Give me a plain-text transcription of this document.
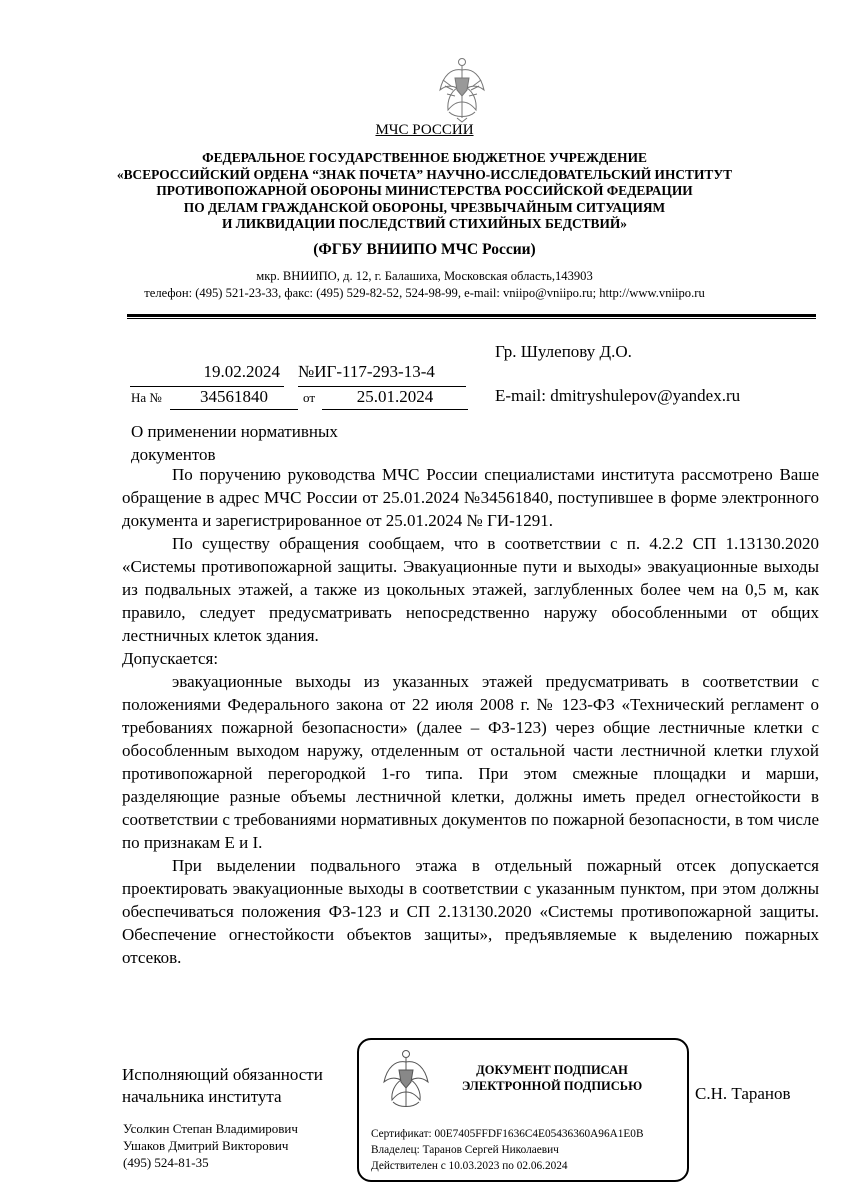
МЧС РОССИИ
ФЕДЕРАЛЬНОЕ ГОСУДАРСТВЕННОЕ БЮДЖЕТНОЕ УЧРЕЖДЕНИЕ
«ВСЕРОССИЙСКИЙ ОРДЕНА “ЗНАК ПОЧЕТА” НАУЧНО-ИССЛЕДОВАТЕЛЬСКИЙ ИНСТИТУТ
ПРОТИВОПОЖАРНОЙ ОБОРОНЫ МИНИСТЕРСТВА РОССИЙСКОЙ ФЕДЕРАЦИИ
ПО ДЕЛАМ ГРАЖДАНСКОЙ ОБОРОНЫ, ЧРЕЗВЫЧАЙНЫМ СИТУАЦИЯМ
И ЛИКВИДАЦИИ ПОСЛЕДСТВИЙ СТИХИЙНЫХ БЕДСТВИЙ»
(ФГБУ ВНИИПО МЧС России)
мкр. ВНИИПО, д. 12, г. Балашиха, Московская область,143903
телефон: (495) 521-23-33, факс: (495) 529-82-52, 524-98-99, e-mail: vniipo@vniipo.ru; http://www.vniipo.ru
19.02.2024 №ИГ-117-293-13-4
На №	34561840	от	25.01.2024
Гр. Шулепову Д.О.
E-mail: dmitryshulepov@yandex.ru
О применении нормативных
документов

По поручению руководства МЧС России специалистами института рассмотрено Ваше обращение в адрес МЧС России от 25.01.2024 №34561840, поступившее в форме электронного документа и зарегистрированное от 25.01.2024 № ГИ-1291.

По существу обращения сообщаем, что в соответствии с п. 4.2.2 СП 1.13130.2020 «Системы противопожарной защиты. Эвакуационные пути и выходы» эвакуационные выходы из подвальных этажей, а также из цокольных этажей, заглубленных более чем на 0,5 м, как правило, следует предусматривать непосредственно наружу обособленными от общих лестничных клеток здания.

Допускается:

эвакуационные выходы из указанных этажей предусматривать в соответствии с положениями Федерального закона от 22 июля 2008 г. № 123-ФЗ «Технический регламент о требованиях пожарной безопасности» (далее – ФЗ-123) через общие лестничные клетки с обособленным выходом наружу, отделенным от остальной части лестничной клетки глухой противопожарной перегородкой 1-го типа. При этом смежные площадки и марши, разделяющие разные объемы лестничной клетки, должны иметь предел огнестойкости в соответствии с требованиями нормативных документов по пожарной безопасности, в том числе по признакам Е и I.

При выделении подвального этажа в отдельный пожарный отсек допускается проектировать эвакуационные выходы в соответствии с указанным пунктом, при этом должны обеспечиваться положения ФЗ-123 и СП 2.13130.2020 «Системы противопожарной защиты. Обеспечение огнестойкости объектов защиты», предъявляемые к выделению пожарных отсеков.

Исполняющий обязанности
начальника института
ДОКУМЕНТ ПОДПИСАН
ЭЛЕКТРОННОЙ ПОДПИСЬЮ
Сертификат: 00E7405FFDF1636C4E05436360A96A1E0B
Владелец: Таранов Сергей Николаевич
Действителен с 10.03.2023 по 02.06.2024
С.Н. Таранов
Усолкин Степан Владимирович
Ушаков Дмитрий Викторович
(495) 524-81-35
